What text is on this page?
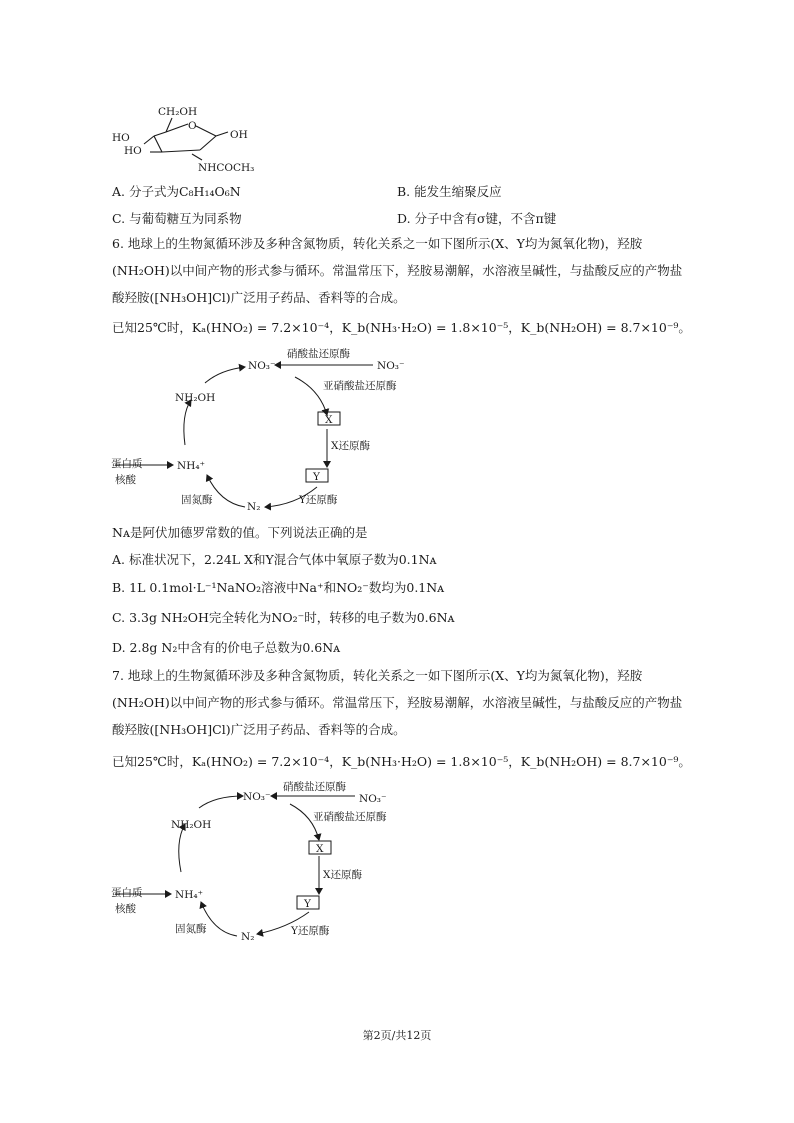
CH₂OH
O
OH
HO
HO
NHCOCH₃
A. 分子式为C₈H₁₄O₆N	B. 能发生缩聚反应
C. 与葡萄糖互为同系物	D. 分子中含有σ键，不含π键
6. 地球上的生物氮循环涉及多种含氮物质，转化关系之一如下图所示(X、Y均为氮氧化物)，羟胺
(NH₂OH)以中间产物的形式参与循环。常温常压下，羟胺易潮解，水溶液呈碱性，与盐酸反应的产物盐
酸羟胺([NH₃OH]Cl)广泛用子药品、香料等的合成。
已知25℃时，Kₐ(HNO₂) = 7.2×10⁻⁴，K_b(NH₃·H₂O) = 1.8×10⁻⁵，K_b(NH₂OH) = 8.7×10⁻⁹。
NO₃⁻	NO₃⁻
硝酸盐还原酶
亚硝酸盐还原酶
X
X还原酶
Y
Y还原酶
N₂
固氮酶
NH₄⁺
NH₂OH
蛋白质
核酸
Nᴀ是阿伏加德罗常数的值。下列说法正确的是
A. 标准状况下，2.24L X和Y混合气体中氧原子数为0.1Nᴀ
B. 1L 0.1mol·L⁻¹NaNO₂溶液中Na⁺和NO₂⁻数均为0.1Nᴀ
C. 3.3g NH₂OH完全转化为NO₂⁻时，转移的电子数为0.6Nᴀ
D. 2.8g N₂中含有的价电子总数为0.6Nᴀ
7. 地球上的生物氮循环涉及多种含氮物质，转化关系之一如下图所示(X、Y均为氮氧化物)，羟胺
(NH₂OH)以中间产物的形式参与循环。常温常压下，羟胺易潮解，水溶液呈碱性，与盐酸反应的产物盐
酸羟胺([NH₃OH]Cl)广泛用子药品、香料等的合成。
已知25℃时，Kₐ(HNO₂) = 7.2×10⁻⁴，K_b(NH₃·H₂O) = 1.8×10⁻⁵，K_b(NH₂OH) = 8.7×10⁻⁹。
NO₃⁻	NO₃⁻
硝酸盐还原酶
亚硝酸盐还原酶
X
X还原酶
Y
Y还原酶
N₂
固氮酶
NH₄⁺
NH₂OH
蛋白质
核酸
第2页/共12页
